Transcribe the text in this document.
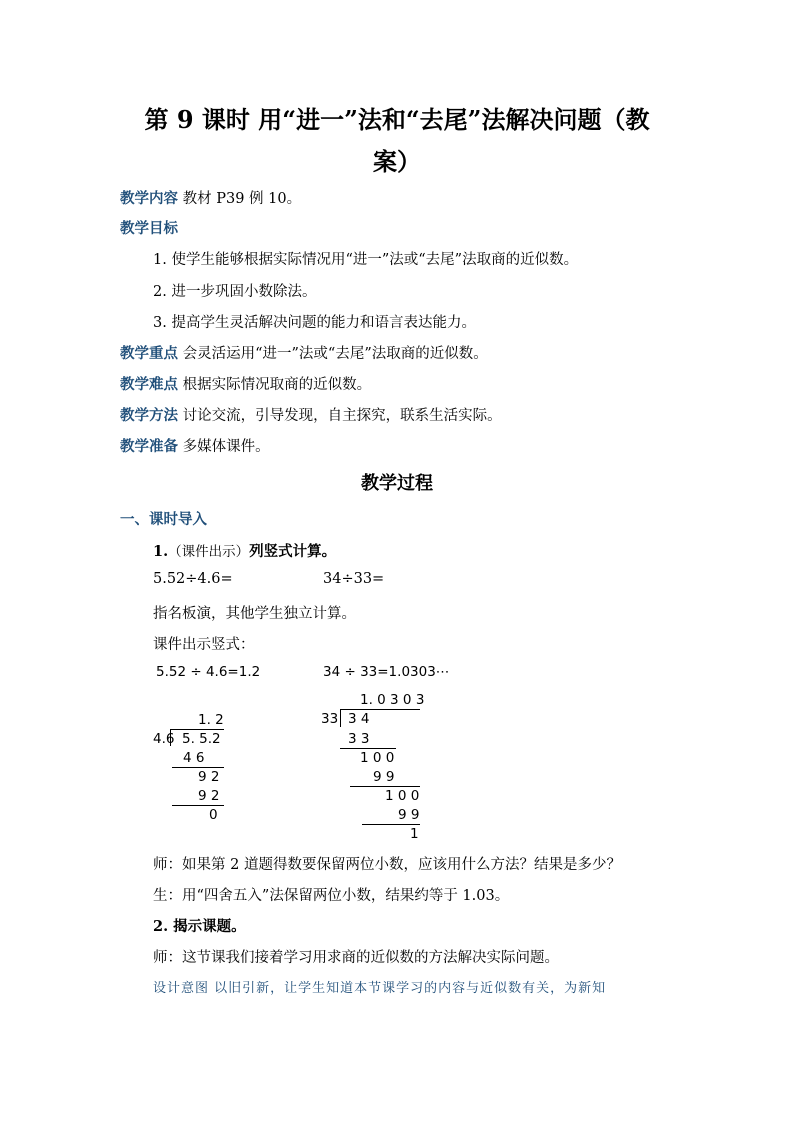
第 9 课时 用“进一”法和“去尾”法解决问题（教
案）
教学内容 教材 P39 例 10。
教学目标
1. 使学生能够根据实际情况用“进一”法或“去尾”法取商的近似数。
2. 进一步巩固小数除法。
3. 提高学生灵活解决问题的能力和语言表达能力。
教学重点 会灵活运用“进一”法或“去尾”法取商的近似数。
教学难点 根据实际情况取商的近似数。
教学方法 讨论交流，引导发现，自主探究，联系生活实际。
教学准备 多媒体课件。
教学过程
一、课时导入
1.（课件出示）列竖式计算。
5.52÷4.6=	34÷33=
指名板演，其他学生独立计算。
课件出示竖式：
5.52 ÷ 4.6=1.2
1. 2
4.6 5. 5.2
4 6
9 2
9 2
0
34 ÷ 33=1.0303⋯
1. 0 3 0 3
33 3 4
3 3
1 0 0
9 9
1 0 0
9 9
1
师：如果第 2 道题得数要保留两位小数，应该用什么方法？结果是多少？
生：用“四舍五入”法保留两位小数，结果约等于 1.03。
2. 揭示课题。
师：这节课我们接着学习用求商的近似数的方法解决实际问题。
设计意图 以旧引新，让学生知道本节课学习的内容与近似数有关，为新知
